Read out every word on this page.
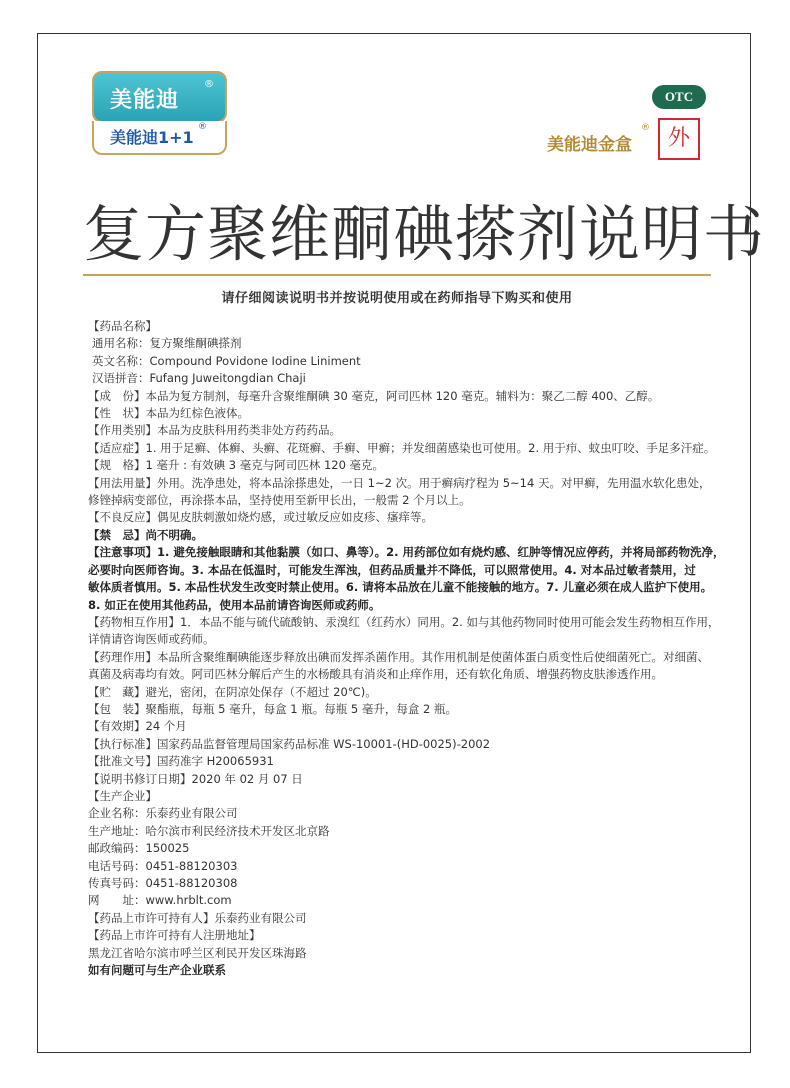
美能迪
®
美能迪1+1
®
OTC
美能迪金盒
® 外
复方聚维酮碘搽剂说明书
请仔细阅读说明书并按说明使用或在药师指导下购买和使用
【药品名称】
通用名称：复方聚维酮碘搽剂
英文名称：Compound Povidone Iodine Liniment
汉语拼音：Fufang Juweitongdian Chaji
【成　份】本品为复方制剂，每毫升含聚维酮碘 30 毫克，阿司匹林 120 毫克。辅料为：聚乙二醇 400、乙醇。
【性　状】本品为红棕色液体。
【作用类别】本品为皮肤科用药类非处方药药品。
【适应症】1. 用于足癣、体癣、头癣、花斑癣、手癣、甲癣；并发细菌感染也可使用。2. 用于疖、蚊虫叮咬、手足多汗症。
【规　格】1 毫升 : 有效碘 3 毫克与阿司匹林 120 毫克。
【用法用量】外用。洗净患处，将本品涂搽患处，一日 1~2 次。用于癣病疗程为 5~14 天。对甲癣，先用温水软化患处，
修锉掉病变部位，再涂搽本品，坚持使用至新甲长出，一般需 2 个月以上。
【不良反应】偶见皮肤刺激如烧灼感，或过敏反应如皮疹、瘙痒等。
【禁　忌】尚不明确。
【注意事项】1. 避免接触眼睛和其他黏膜（如口、鼻等）。2. 用药部位如有烧灼感、红肿等情况应停药，并将局部药物洗净，
必要时向医师咨询。3. 本品在低温时，可能发生浑浊，但药品质量并不降低，可以照常使用。4. 对本品过敏者禁用，过
敏体质者慎用。5. 本品性状发生改变时禁止使用。6. 请将本品放在儿童不能接触的地方。7. 儿童必须在成人监护下使用。
8. 如正在使用其他药品，使用本品前请咨询医师或药师。
【药物相互作用】1．本品不能与硫代硫酸钠、汞溴红（红药水）同用。2. 如与其他药物同时使用可能会发生药物相互作用，
详情请咨询医师或药师。
【药理作用】本品所含聚维酮碘能逐步释放出碘而发挥杀菌作用。其作用机制是使菌体蛋白质变性后使细菌死亡。对细菌、
真菌及病毒均有效。阿司匹林分解后产生的水杨酸具有消炎和止痒作用，还有软化角质、增强药物皮肤渗透作用。
【贮　藏】避光，密闭，在阴凉处保存（不超过 20℃)。
【包　装】聚酯瓶，每瓶 5 毫升，每盒 1 瓶。每瓶 5 毫升，每盒 2 瓶。
【有效期】24 个月
【执行标准】国家药品监督管理局国家药品标准 WS-10001-(HD-0025)-2002
【批准文号】国药准字 H20065931
【说明书修订日期】2020 年 02 月 07 日
【生产企业】
企业名称：乐泰药业有限公司
生产地址：哈尔滨市利民经济技术开发区北京路
邮政编码：150025
电话号码：0451-88120303
传真号码：0451-88120308
网　　址：www.hrblt.com
【药品上市许可持有人】乐泰药业有限公司
【药品上市许可持有人注册地址】
黑龙江省哈尔滨市呼兰区利民开发区珠海路
如有问题可与生产企业联系
